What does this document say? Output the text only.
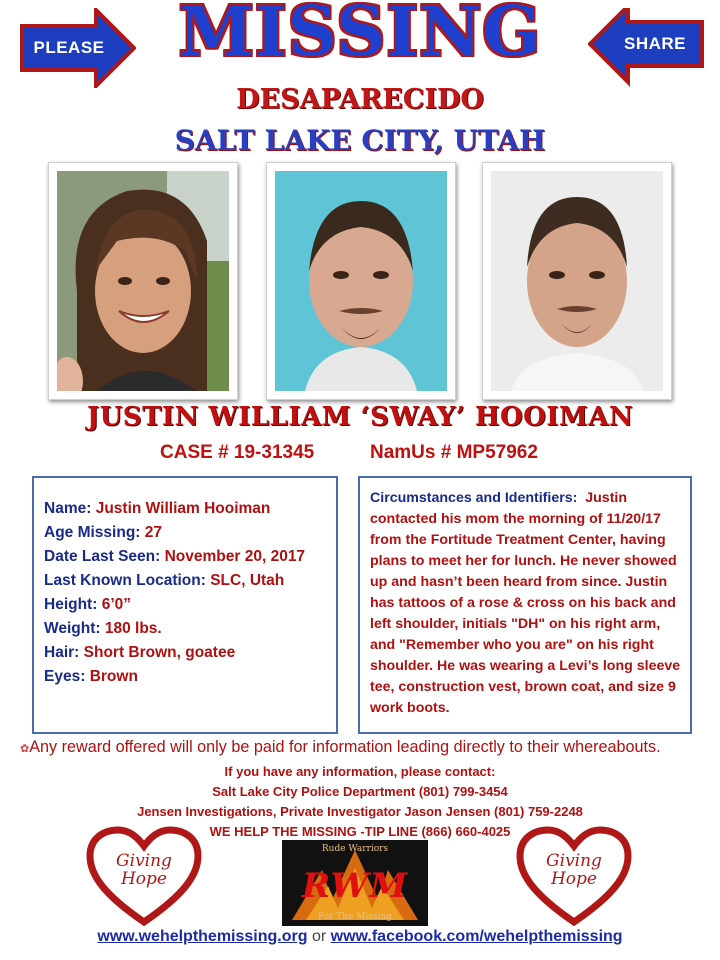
PLEASE	SHARE
MISSING
DESAPARECIDO
SALT LAKE CITY, UTAH
JUSTIN WILLIAM ‘SWAY’ HOOIMAN
CASE # 19-31345	NamUs # MP57962
Name: Justin William Hooiman
Age Missing: 27
Date Last Seen: November 20, 2017
Last Known Location: SLC, Utah
Height: 6’0”
Weight: 180 lbs.
Hair: Short Brown, goatee
Eyes: Brown
Circumstances and Identifiers: Justin contacted his mom the morning of 11/20/17 from the Fortitude Treatment Center, having plans to meet her for lunch. He never showed up and hasn’t been heard from since. Justin has tattoos of a rose & cross on his back and left shoulder, initials "DH" on his right arm, and "Remember who you are" on his right shoulder. He was wearing a Levi’s long sleeve tee, construction vest, brown coat, and size 9 work boots.
✿Any reward offered will only be paid for information leading directly to their whereabouts.
If you have any information, please contact:
Salt Lake City Police Department (801) 799-3454
Jensen Investigations, Private Investigator Jason Jensen (801) 759-2248
WE HELP THE MISSING -TIP LINE (866) 660-4025
Giving
Hope
Rude Warriors
RWM
For The Missing
Giving
Hope
www.wehelpthemissing.org or www.facebook.com/wehelpthemissing
